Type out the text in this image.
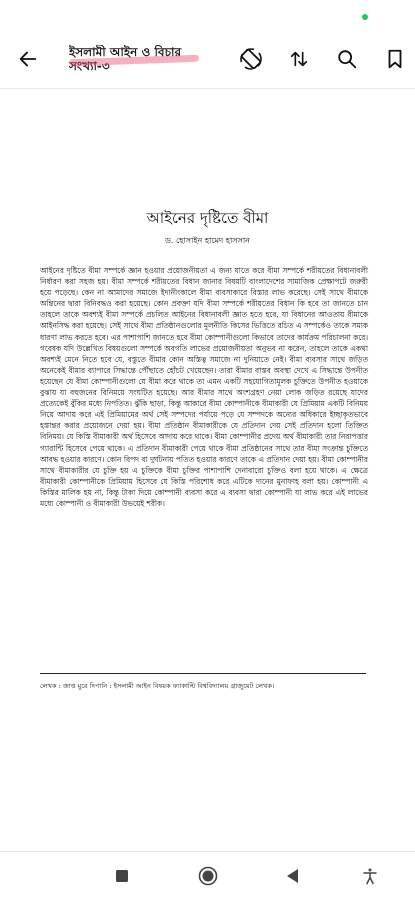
ইসলামী আইন ও বিচার
সংখ্যা-৩
আইনের দৃষ্টিতে বীমা
ড. হোসাইন হামেদ হাসসান

আইনের দৃষ্টিতে বীমা সম্পর্কে জ্ঞান হওয়ার প্রয়োজনীয়তা এ জন্য যাতে করে বীমা সম্পর্কে শরীয়তের বিধানাবলী নির্ধারণ করা সহজ হয়। বীমা সম্পর্কে শরীয়তের বিধান জানার বিষয়টি বাংলাদেশের সামাজিক প্রেক্ষাপটে জরুরী হয়ে পড়েছে। কেন না আমাদের সমাজে ইদানীংকালে বীমা ব্যবসাকারে বিস্তার লাভ করেছে। সেই সাথে বীমাকে অন্তিনের দ্বারা বিনিবদ্ধও করা হয়েছে। কোন প্রবক্তা যদি বীমা সম্পর্কে শরীয়তের বিধান কি হবে তা জানতে চান তাহলে তাকে অবশ্যই বীমা সম্পর্কে প্রচলিত আইনের বিধানাবলী জ্ঞাত হতে হবে, যা বিধানের আওতায় বীমাকে আইনসিদ্ধ করা হয়েছে। সেই সাথে বীমা প্রতিষ্ঠানগুলোর মূলনীতি কিসের ভিত্তিতে রচিত এ সম্পর্কেও তাকে সম্যক ধারণা লাভ করতে হবে। এর পাশাপাশি জানতে হবে বীমা কোম্পানীগুলো কিভাবে তাদের কার্যক্রম পরিচালনা করে। গবেষক যদি উল্লেখিত বিষয়গুলো সম্পর্কে অবগতি লাভের প্রয়োজনীয়তা অনুভব না করেন, তাহলে তাকে একথা অবশ্যই মেনে নিতে হবে যে, বস্তুতে বীমার কোন অস্তিত্ব সমাজে না দুনিয়াতে নেই। বীমা ব্যবসার সাথে জড়িত অনেকেই বীমার ব্যাপারে সিদ্ধান্তে পৌঁছাতে হোঁচট খেয়েছেন। তারা বীমার বাস্তব অবস্থা দেখে এ সিদ্ধান্তে উপনীত হয়েছেন যে বীমা কোম্পানীগুলো যে বীমা করে থাকে তা এমন একটি সহযোগিতামূলক চুক্তিতে উপনীত হওয়াকে বুঝায় যা বহুজনের বিনিময়ে সংঘটিত হয়েছে। আর বীমার সাথে অংশগ্রহণ নেয়া লোক জড়িত রয়েছে যাদের প্রত্যেকেই বুঁকির মধ্যে নিপতিত। ঝুঁকি ছাড়া, কিন্তু আকারে বীমা কোম্পানীকে বীমাকারী যে প্রিমিয়াম একটি বিনিময় নিয়ে আদায় করে এই প্রিমিয়ামের অর্থ সেই সম্পদের পর্যায়ে পড়ে যে সম্পদকে অন্যের অধিকারে ইচ্ছাকৃতভাবে হস্তান্তর করার প্রয়োজনে দেয়া হয়। বীমা প্রতিষ্ঠান বীমাকারীকে যে প্রতিদান দেয় সেই প্রতিদান হলো তিক্তিত বিনিময়। যে কিস্তি বীমাকারী অর্থ হিসেবে আদায় করে থাকে। বীমা কোম্পানীর প্রদেয় অর্থ বীমাকারী তার নিরাপত্তার গ্যারান্টি হিসেবে পেয়ে থাকে। এ প্রতিদান বীমাকারী পেয়ে থাকে বীমা প্রতিষ্ঠানের সাথে তার বীমা সংক্রান্ত চুক্তিতে আবদ্ধ হওয়ার কারণে। কোন বিপদ বা দুর্ঘটনায় পতিত হওয়ার কারণে তাকে এ প্রতিদান দেয়া হয়। বীমা কোম্পানীর সাথে বীমাকারীর যে চুক্তি হয় এ চুক্তিকে বীমা চুক্তির পাশাপাশি দেনাবারো চুক্তিও বলা হয়ে থাকে। এ ক্ষেত্রে বীমাকারী কোম্পানীকে প্রিমিয়াম হিসেবে যে কিস্তি পরিশোধ করে এটিকে দানের মুনাফাহ বলা হয়। কোম্পানী এ কিস্তির মালিক হয় না, কিন্তু টাকা দিয়ে কোম্পানী ব্যবসা করে এ ব্যবসা দ্বারা কোম্পানী যা লাভ করে এই লাভের মধ্যে কোম্পানী ও বীমাকারী উভয়েই শরীক।

লেখক : জাত্ত মুরে দিপানি : ইসলামী আইন বিষয়ক ফ্যাকাল্টি বিশ্ববিদ্যালয় গ্রাজুয়েট লেখক।
